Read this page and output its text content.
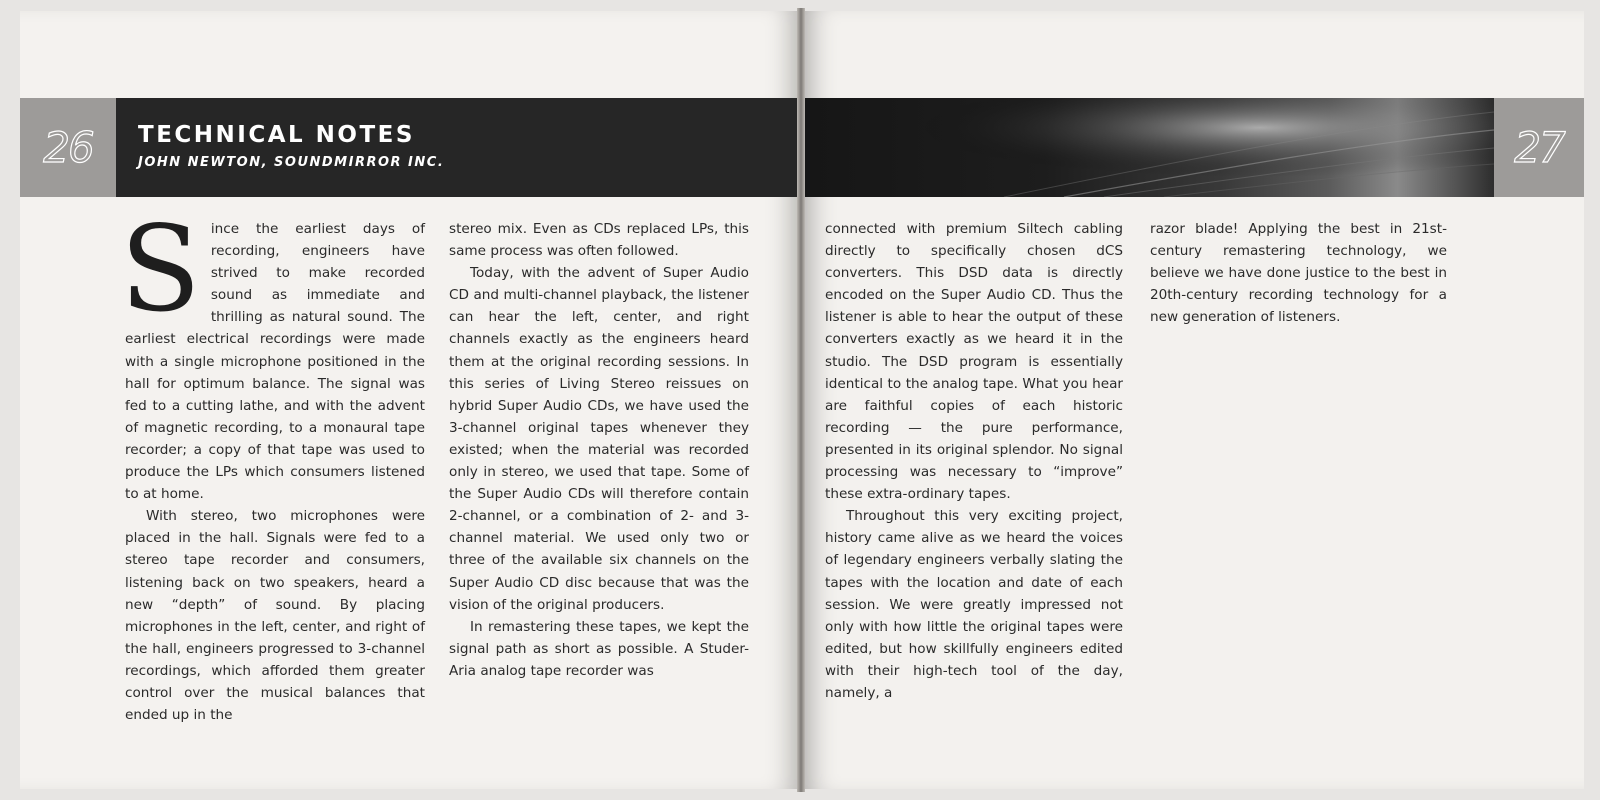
26	TECHNICAL NOTES
JOHN NEWTON, SOUNDMIRROR INC.

Since the earliest days of recording, engineers have strived to make recorded sound as immediate and thrilling as natural sound. The earliest electrical recordings were made with a single microphone positioned in the hall for optimum balance. The signal was fed to a cutting lathe, and with the advent of magnetic recording, to a monaural tape recorder; a copy of that tape was used to produce the LPs which consumers listened to at home.

With stereo, two microphones were placed in the hall. Signals were fed to a stereo tape recorder and consumers, listening back on two speakers, heard a new “depth” of sound. By placing microphones in the left, center, and right of the hall, engineers progressed to 3-channel recordings, which afforded them greater control over the musical balances that ended up in the

stereo mix. Even as CDs replaced LPs, this same process was often followed.

Today, with the advent of Super Audio CD and multi-channel playback, the listener can hear the left, center, and right channels exactly as the engineers heard them at the original recording sessions. In this series of Living Stereo reissues on hybrid Super Audio CDs, we have used the 3-channel original tapes whenever they existed; when the material was recorded only in stereo, we used that tape. Some of the Super Audio CDs will therefore contain 2-channel, or a combination of 2- and 3-channel material. We used only two or three of the available six channels on the Super Audio CD disc because that was the vision of the original producers.

In remastering these tapes, we kept the signal path as short as possible. A Studer-Aria analog tape recorder was

27

connected with premium Siltech cabling directly to specifically chosen dCS converters. This DSD data is directly encoded on the Super Audio CD. Thus the listener is able to hear the output of these converters exactly as we heard it in the studio. The DSD program is essentially identical to the analog tape. What you hear are faithful copies of each historic recording — the pure performance, presented in its original splendor. No signal processing was necessary to “improve” these extra-ordinary tapes.

Throughout this very exciting project, history came alive as we heard the voices of legendary engineers verbally slating the tapes with the location and date of each session. We were greatly impressed not only with how little the original tapes were edited, but how skillfully engineers edited with their high-tech tool of the day, namely, a

razor blade! Applying the best in 21st-century remastering technology, we believe we have done justice to the best in 20th-century recording technology for a new generation of listeners.
